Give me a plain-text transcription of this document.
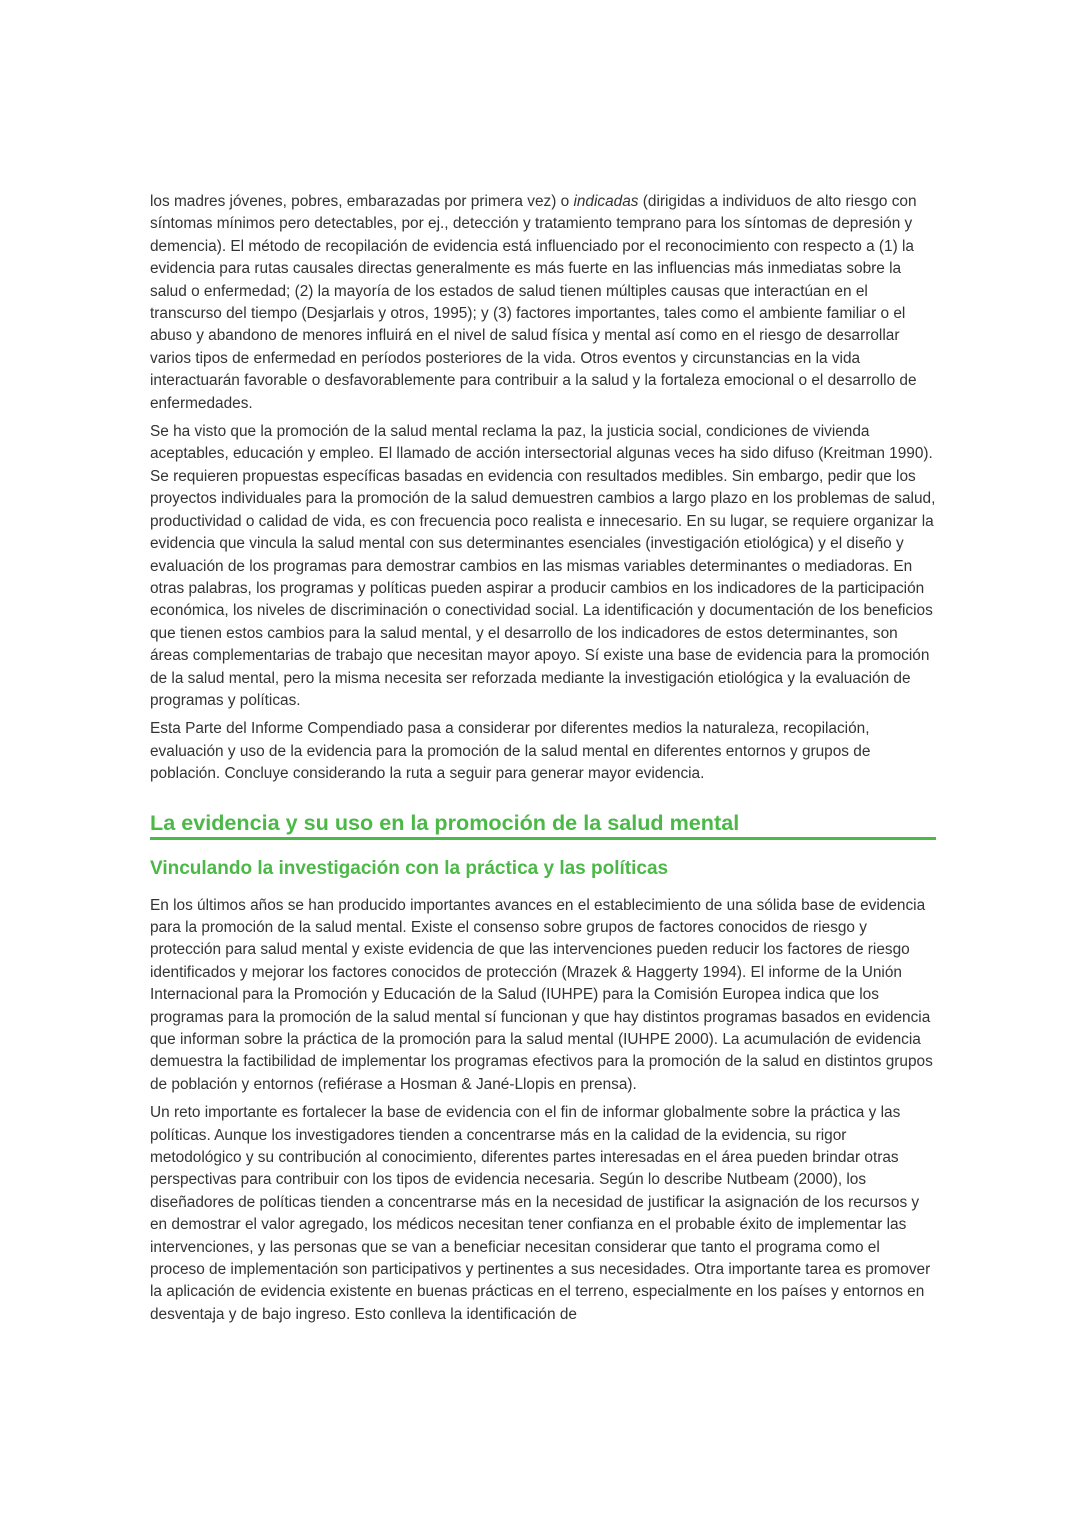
los madres jóvenes, pobres, embarazadas por primera vez) o indicadas (dirigidas a individuos de alto riesgo con síntomas mínimos pero detectables, por ej., detección y tratamiento temprano para los síntomas de depresión y demencia). El método de recopilación de evidencia está influenciado por el reconocimiento con respecto a (1) la evidencia para rutas causales directas generalmente es más fuerte en las influencias más inmediatas sobre la salud o enfermedad; (2) la mayoría de los estados de salud tienen múltiples causas que interactúan en el transcurso del tiempo (Desjarlais y otros, 1995); y (3) factores importantes, tales como el ambiente familiar o el abuso y abandono de menores influirá en el nivel de salud física y mental así como en el riesgo de desarrollar varios tipos de enfermedad en períodos posteriores de la vida. Otros eventos y circunstancias en la vida interactuarán favorable o desfavorablemente para contribuir a la salud y la fortaleza emocional o el desarrollo de enfermedades.

Se ha visto que la promoción de la salud mental reclama la paz, la justicia social, condiciones de vivienda aceptables, educación y empleo. El llamado de acción intersectorial algunas veces ha sido difuso (Kreitman 1990). Se requieren propuestas específicas basadas en evidencia con resultados medibles. Sin embargo, pedir que los proyectos individuales para la promoción de la salud demuestren cambios a largo plazo en los problemas de salud, productividad o calidad de vida, es con frecuencia poco realista e innecesario. En su lugar, se requiere organizar la evidencia que vincula la salud mental con sus determinantes esenciales (investigación etiológica) y el diseño y evaluación de los programas para demostrar cambios en las mismas variables determinantes o mediadoras. En otras palabras, los programas y políticas pueden aspirar a producir cambios en los indicadores de la participación económica, los niveles de discriminación o conectividad social. La identificación y documentación de los beneficios que tienen estos cambios para la salud mental, y el desarrollo de los indicadores de estos determinantes, son áreas complementarias de trabajo que necesitan mayor apoyo. Sí existe una base de evidencia para la promoción de la salud mental, pero la misma necesita ser reforzada mediante la investigación etiológica y la evaluación de programas y políticas.

Esta Parte del Informe Compendiado pasa a considerar por diferentes medios la naturaleza, recopilación, evaluación y uso de la evidencia para la promoción de la salud mental en diferentes entornos y grupos de población. Concluye considerando la ruta a seguir para generar mayor evidencia.

La evidencia y su uso en la promoción de la salud mental
Vinculando la investigación con la práctica y las políticas

En los últimos años se han producido importantes avances en el establecimiento de una sólida base de evidencia para la promoción de la salud mental. Existe el consenso sobre grupos de factores conocidos de riesgo y protección para salud mental y existe evidencia de que las intervenciones pueden reducir los factores de riesgo identificados y mejorar los factores conocidos de protección (Mrazek & Haggerty 1994). El informe de la Unión Internacional para la Promoción y Educación de la Salud (IUHPE) para la Comisión Europea indica que los programas para la promoción de la salud mental sí funcionan y que hay distintos programas basados en evidencia que informan sobre la práctica de la promoción para la salud mental (IUHPE 2000). La acumulación de evidencia demuestra la factibilidad de implementar los programas efectivos para la promoción de la salud en distintos grupos de población y entornos (refiérase a Hosman & Jané-Llopis en prensa).

Un reto importante es fortalecer la base de evidencia con el fin de informar globalmente sobre la práctica y las políticas. Aunque los investigadores tienden a concentrarse más en la calidad de la evidencia, su rigor metodológico y su contribución al conocimiento, diferentes partes interesadas en el área pueden brindar otras perspectivas para contribuir con los tipos de evidencia necesaria. Según lo describe Nutbeam (2000), los diseñadores de políticas tienden a concentrarse más en la necesidad de justificar la asignación de los recursos y en demostrar el valor agregado, los médicos necesitan tener confianza en el probable éxito de implementar las intervenciones, y las personas que se van a beneficiar necesitan considerar que tanto el programa como el proceso de implementación son participativos y pertinentes a sus necesidades. Otra importante tarea es promover la aplicación de evidencia existente en buenas prácticas en el terreno, especialmente en los países y entornos en desventaja y de bajo ingreso. Esto conlleva la identificación de
